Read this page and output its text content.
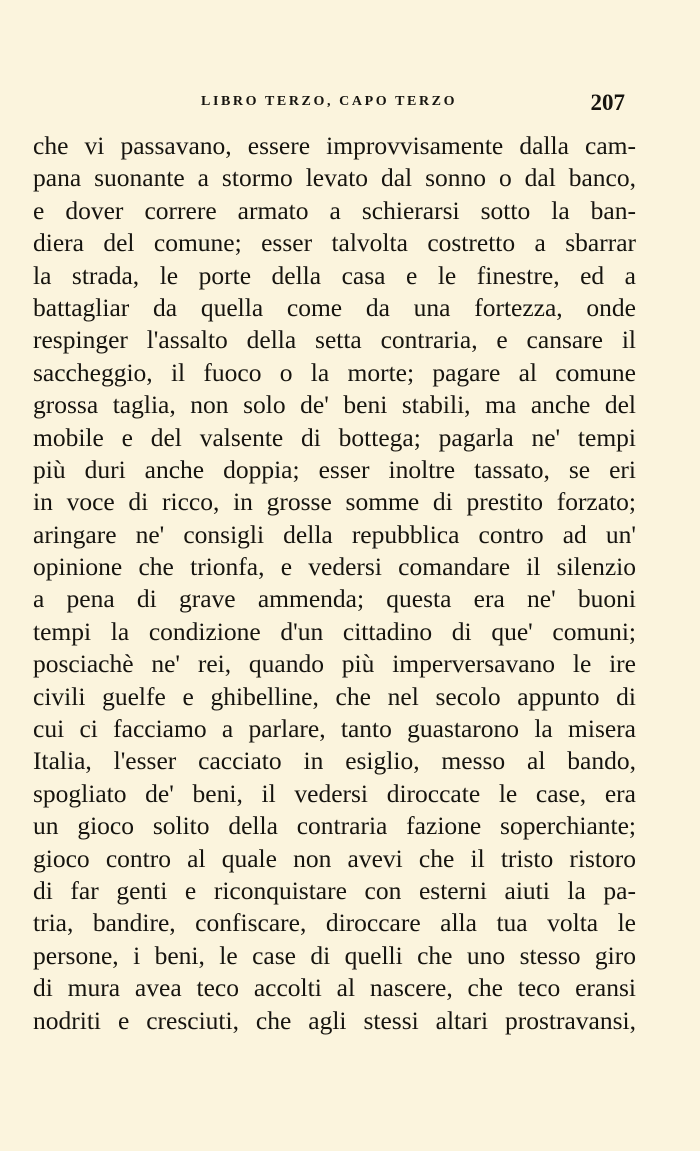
LIBRO TERZO, CAPO TERZO	207
che vi passavano, essere improvvisamente dalla cam-
pana suonante a stormo levato dal sonno o dal banco,
e dover correre armato a schierarsi sotto la ban-
diera del comune; esser talvolta costretto a sbarrar
la strada, le porte della casa e le finestre, ed a
battagliar da quella come da una fortezza, onde
respinger l'assalto della setta contraria, e cansare il
saccheggio, il fuoco o la morte; pagare al comune
grossa taglia, non solo de' beni stabili, ma anche del
mobile e del valsente di bottega; pagarla ne' tempi
più duri anche doppia; esser inoltre tassato, se eri
in voce di ricco, in grosse somme di prestito forzato;
aringare ne' consigli della repubblica contro ad un'
opinione che trionfa, e vedersi comandare il silenzio
a pena di grave ammenda; questa era ne' buoni
tempi la condizione d'un cittadino di que' comuni;
posciachè ne' rei, quando più imperversavano le ire
civili guelfe e ghibelline, che nel secolo appunto di
cui ci facciamo a parlare, tanto guastarono la misera
Italia, l'esser cacciato in esiglio, messo al bando,
spogliato de' beni, il vedersi diroccate le case, era
un gioco solito della contraria fazione soperchiante;
gioco contro al quale non avevi che il tristo ristoro
di far genti e riconquistare con esterni aiuti la pa-
tria, bandire, confiscare, diroccare alla tua volta le
persone, i beni, le case di quelli che uno stesso giro
di mura avea teco accolti al nascere, che teco eransi
nodriti e cresciuti, che agli stessi altari prostravansi,
